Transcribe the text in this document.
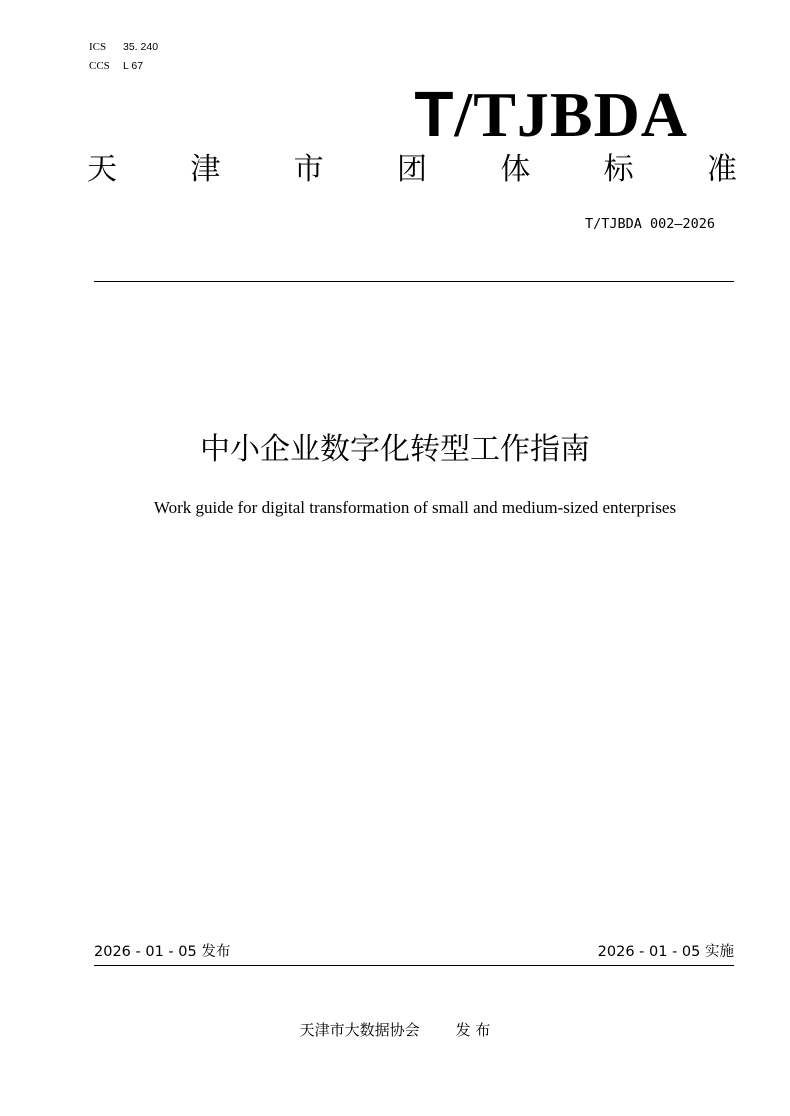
ICS 35. 240
CCS L 67
T/TJBDA
天 津 市 团 体 标 准
T/TJBDA 002—2026
中小企业数字化转型工作指南
Work guide for digital transformation of small and medium-sized enterprises
2026 - 01 - 05 发布	2026 - 01 - 05 实施
天津市大数据协会 发 布
